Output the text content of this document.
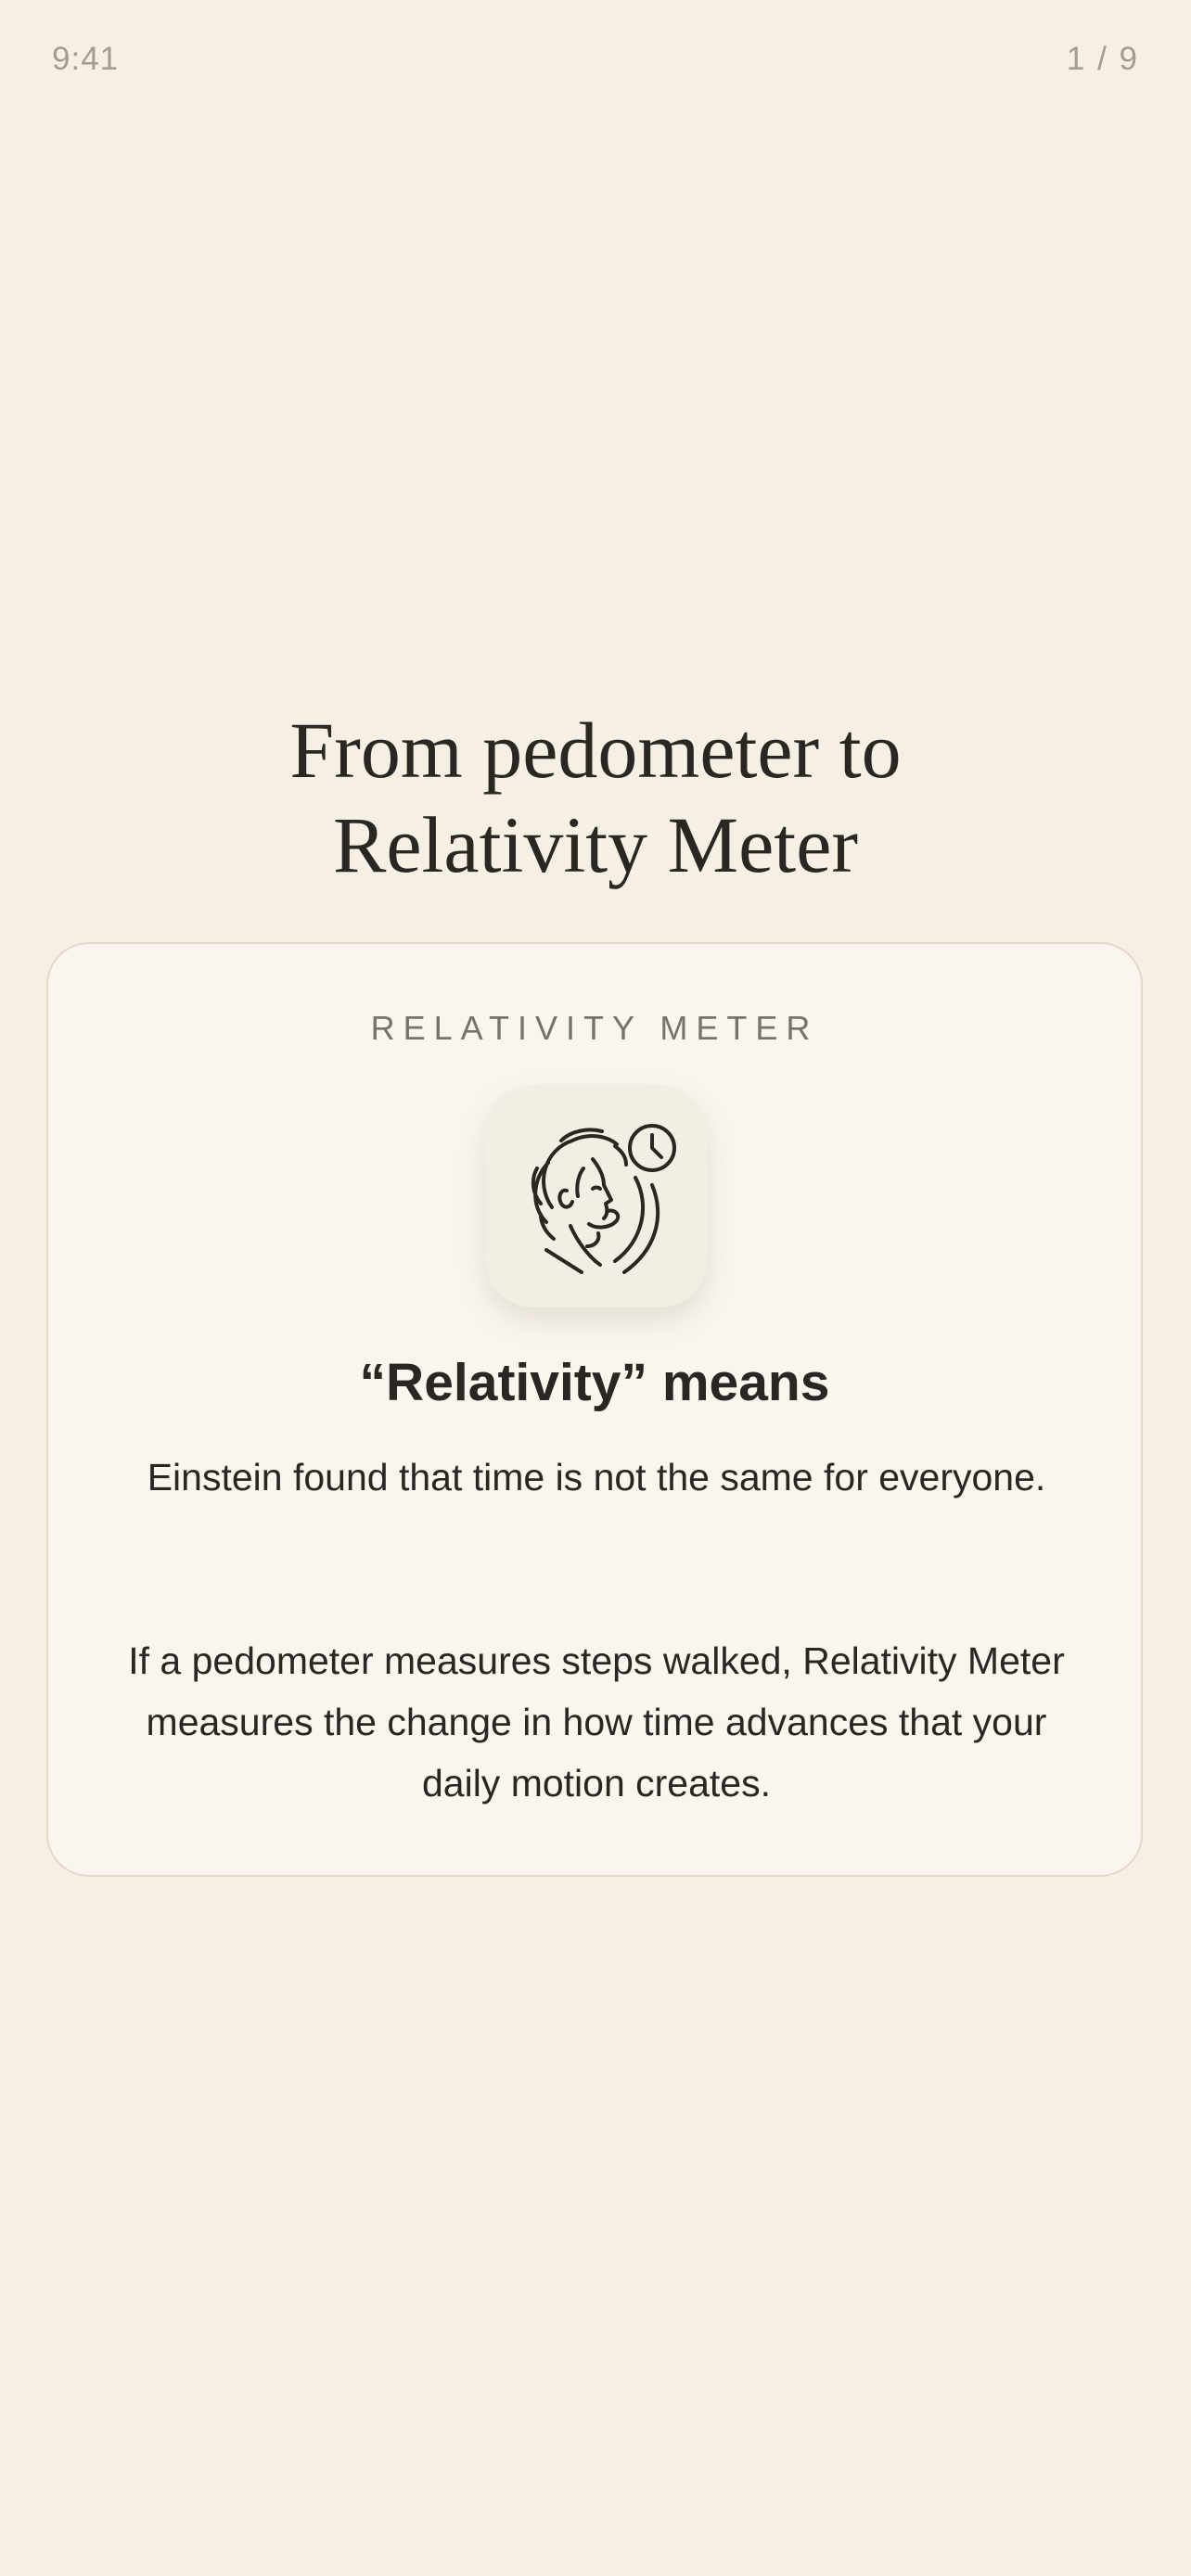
9:41	1 / 9
From pedometer to
Relativity Meter
RELATIVITY METER
“Relativity” means

Einstein found that time is not the same for everyone.

If a pedometer measures steps walked, Relativity Meter measures the change in how time advances that your daily motion creates.
